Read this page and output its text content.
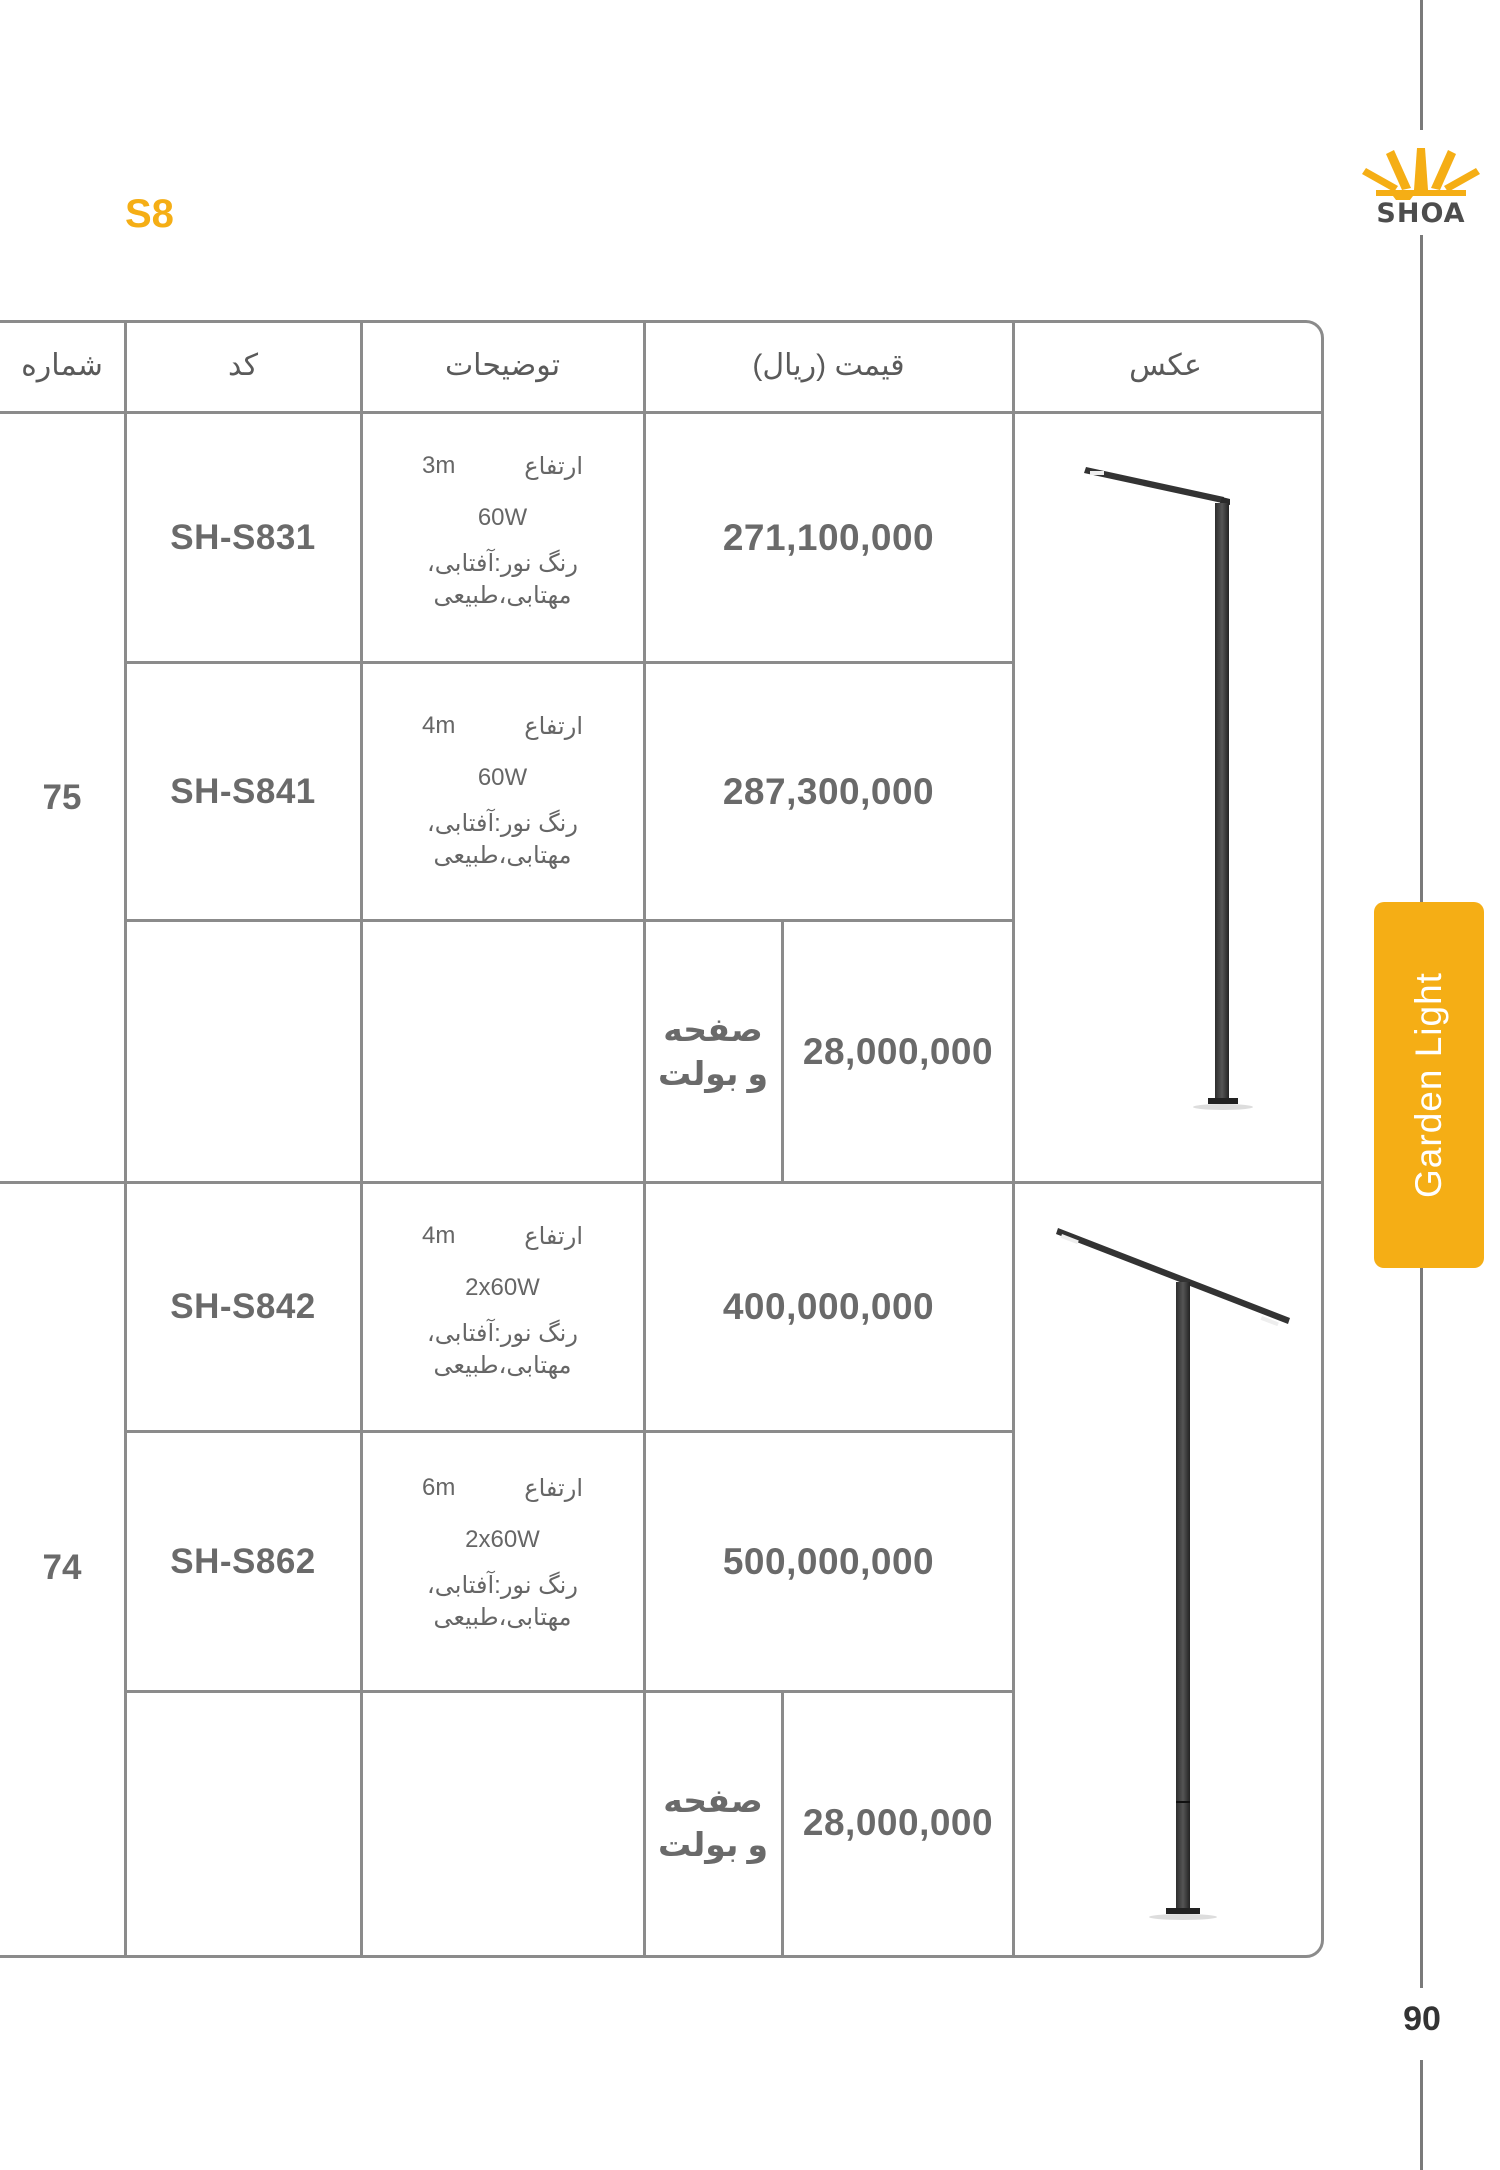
SHOA
Garden Light
90
S8
عکس
قیمت (ریال)
توضیحات
کد
شماره
75
SH-S831
ارتفاع
3m
60W
رنگ نور:آفتابی،
مهتابی،طبیعی
271,100,000
SH-S841
ارتفاع
4m
60W
رنگ نور:آفتابی،
مهتابی،طبیعی
287,300,000
صفحه
و بولت
28,000,000
74
SH-S842
ارتفاع
4m
2x60W
رنگ نور:آفتابی،
مهتابی،طبیعی
400,000,000
SH-S862
ارتفاع
6m
2x60W
رنگ نور:آفتابی،
مهتابی،طبیعی
500,000,000
صفحه
و بولت
28,000,000
